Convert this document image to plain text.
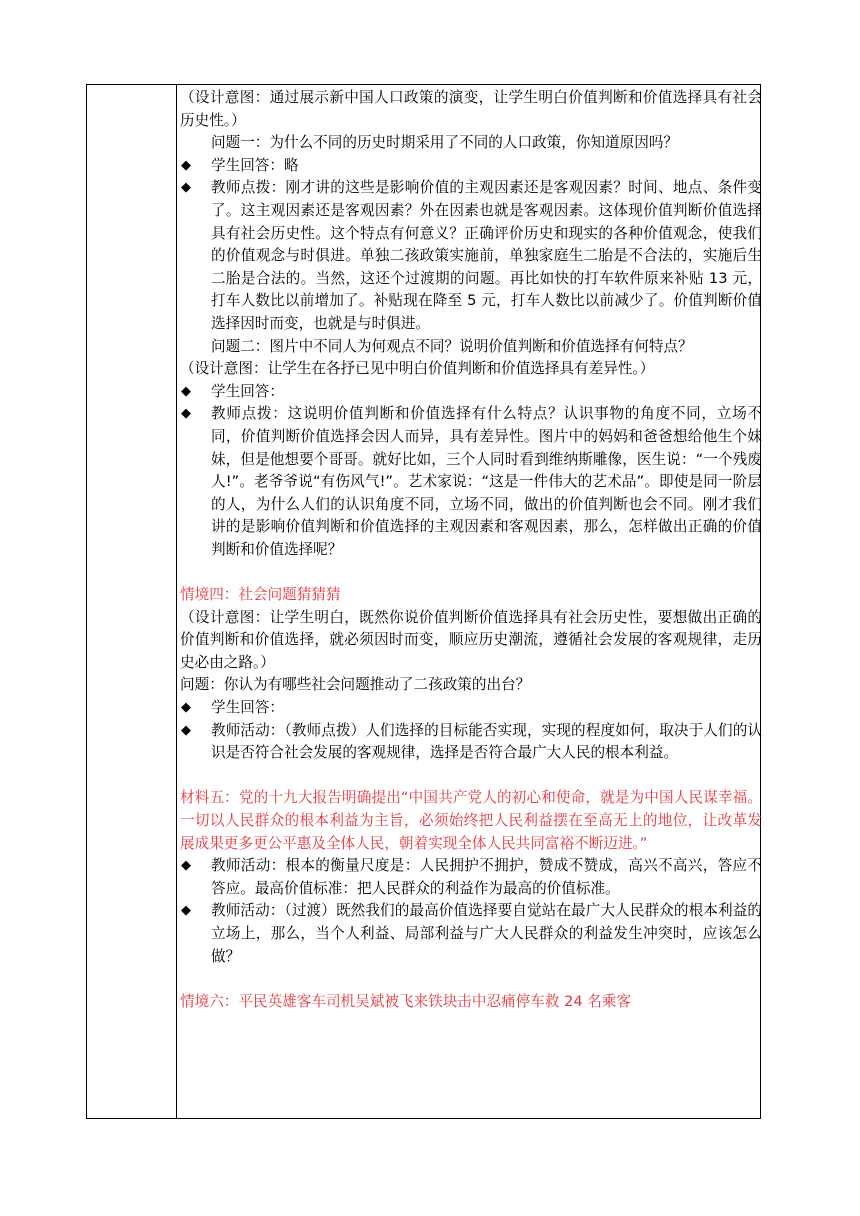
（设计意图：通过展示新中国人口政策的演变，让学生明白价值判断和价值选择具有社会历史性。）
问题一：为什么不同的历史时期采用了不同的人口政策，你知道原因吗？
◆ 学生回答：略
◆ 教师点拨：刚才讲的这些是影响价值的主观因素还是客观因素？时间、地点、条件变了。这主观因素还是客观因素？外在因素也就是客观因素。这体现价值判断价值选择具有社会历史性。这个特点有何意义？正确评价历史和现实的各种价值观念，使我们的价值观念与时俱进。单独二孩政策实施前，单独家庭生二胎是不合法的，实施后生二胎是合法的。当然，这还个过渡期的问题。再比如快的打车软件原来补贴 13 元，打车人数比以前增加了。补贴现在降至 5 元，打车人数比以前减少了。价值判断价值选择因时而变，也就是与时俱进。
问题二：图片中不同人为何观点不同？说明价值判断和价值选择有何特点？
（设计意图：让学生在各抒已见中明白价值判断和价值选择具有差异性。）
◆ 学生回答：
◆ 教师点拨：这说明价值判断和价值选择有什么特点？认识事物的角度不同，立场不同，价值判断价值选择会因人而异，具有差异性。图片中的妈妈和爸爸想给他生个妹妹，但是他想要个哥哥。就好比如，三个人同时看到维纳斯雕像，医生说：“一个残废人!”。老爷爷说“有伤风气!”。艺术家说：“这是一件伟大的艺术品”。即使是同一阶层的人，为什么人们的认识角度不同，立场不同，做出的价值判断也会不同。刚才我们讲的是影响价值判断和价值选择的主观因素和客观因素，那么，怎样做出正确的价值判断和价值选择呢？
情境四：社会问题猜猜猜
（设计意图：让学生明白，既然你说价值判断价值选择具有社会历史性，要想做出正确的价值判断和价值选择，就必须因时而变，顺应历史潮流，遵循社会发展的客观规律，走历史必由之路。）
问题：你认为有哪些社会问题推动了二孩政策的出台？
◆ 学生回答：
◆ 教师活动：（教师点拨）人们选择的目标能否实现，实现的程度如何，取决于人们的认识是否符合社会发展的客观规律，选择是否符合最广大人民的根本利益。
材料五：党的十九大报告明确提出“中国共产党人的初心和使命，就是为中国人民谋幸福。一切以人民群众的根本利益为主旨，必须始终把人民利益摆在至高无上的地位，让改革发展成果更多更公平惠及全体人民，朝着实现全体人民共同富裕不断迈进。”
◆ 教师活动：根本的衡量尺度是：人民拥护不拥护，赞成不赞成，高兴不高兴，答应不答应。最高价值标准：把人民群众的利益作为最高的价值标准。
◆ 教师活动：（过渡）既然我们的最高价值选择要自觉站在最广大人民群众的根本利益的立场上，那么，当个人利益、局部利益与广大人民群众的利益发生冲突时，应该怎么做？
情境六：平民英雄客车司机吴斌被飞来铁块击中忍痛停车救 24 名乘客
